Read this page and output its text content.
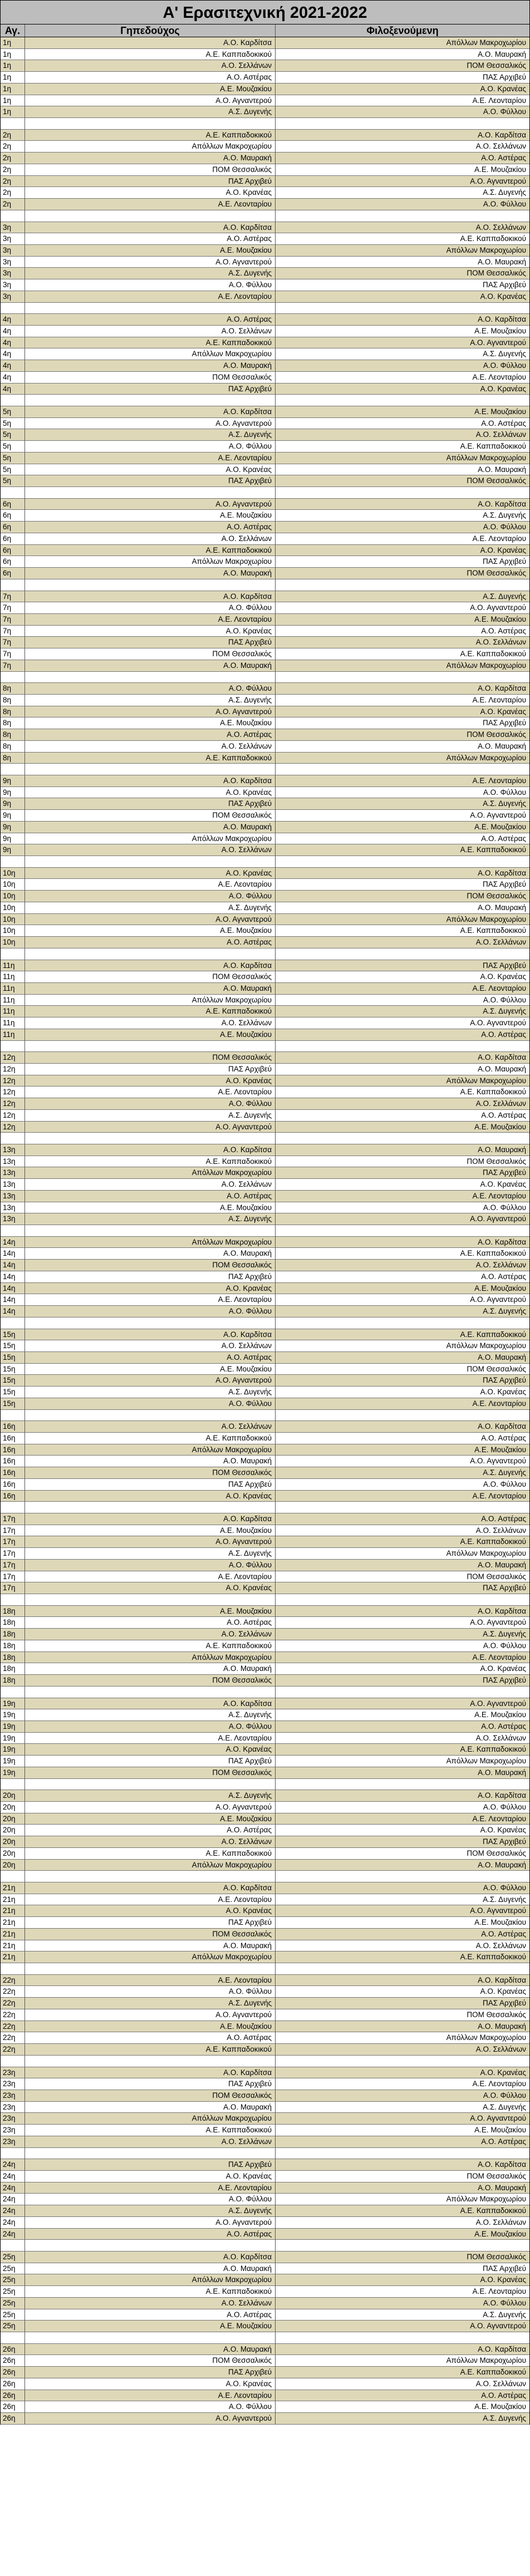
Α' Ερασιτεχνική 2021-2022
Αγ.	Γηπεδούχος	Φιλοξενούμενη
1η	Α.Ο. Καρδίτσα	Απόλλων Μακροχωρίου
1η	Α.Ε. Καππαδοκικού	Α.Ο. Μαυρακή
1η	Α.Ο. Σελλάνων	ΠΟΜ Θεσσαλικός
1η	Α.Ο. Αστέρας	ΠΑΣ Αρχιβεύ
1η	Α.Ε. Μουζακίου	Α.Ο. Κρανέας
1η	Α.Ο. Αγναντερού	Α.Ε. Λεονταρίου
1η	Α.Σ. Δυγενής	Α.Ο. Φύλλου
2η	Α.Ε. Καππαδοκικού	Α.Ο. Καρδίτσα
2η	Απόλλων Μακροχωρίου	Α.Ο. Σελλάνων
2η	Α.Ο. Μαυρακή	Α.Ο. Αστέρας
2η	ΠΟΜ Θεσσαλικός	Α.Ε. Μουζακίου
2η	ΠΑΣ Αρχιβεύ	Α.Ο. Αγναντερού
2η	Α.Ο. Κρανέας	Α.Σ. Δυγενής
2η	Α.Ε. Λεονταρίου	Α.Ο. Φύλλου
3η	Α.Ο. Καρδίτσα	Α.Ο. Σελλάνων
3η	Α.Ο. Αστέρας	Α.Ε. Καππαδοκικού
3η	Α.Ε. Μουζακίου	Απόλλων Μακροχωρίου
3η	Α.Ο. Αγναντερού	Α.Ο. Μαυρακή
3η	Α.Σ. Δυγενής	ΠΟΜ Θεσσαλικός
3η	Α.Ο. Φύλλου	ΠΑΣ Αρχιβεύ
3η	Α.Ε. Λεονταρίου	Α.Ο. Κρανέας
4η	Α.Ο. Αστέρας	Α.Ο. Καρδίτσα
4η	Α.Ο. Σελλάνων	Α.Ε. Μουζακίου
4η	Α.Ε. Καππαδοκικού	Α.Ο. Αγναντερού
4η	Απόλλων Μακροχωρίου	Α.Σ. Δυγενής
4η	Α.Ο. Μαυρακή	Α.Ο. Φύλλου
4η	ΠΟΜ Θεσσαλικός	Α.Ε. Λεονταρίου
4η	ΠΑΣ Αρχιβεύ	Α.Ο. Κρανέας
5η	Α.Ο. Καρδίτσα	Α.Ε. Μουζακίου
5η	Α.Ο. Αγναντερού	Α.Ο. Αστέρας
5η	Α.Σ. Δυγενής	Α.Ο. Σελλάνων
5η	Α.Ο. Φύλλου	Α.Ε. Καππαδοκικού
5η	Α.Ε. Λεονταρίου	Απόλλων Μακροχωρίου
5η	Α.Ο. Κρανέας	Α.Ο. Μαυρακή
5η	ΠΑΣ Αρχιβεύ	ΠΟΜ Θεσσαλικός
6η	Α.Ο. Αγναντερού	Α.Ο. Καρδίτσα
6η	Α.Ε. Μουζακίου	Α.Σ. Δυγενής
6η	Α.Ο. Αστέρας	Α.Ο. Φύλλου
6η	Α.Ο. Σελλάνων	Α.Ε. Λεονταρίου
6η	Α.Ε. Καππαδοκικού	Α.Ο. Κρανέας
6η	Απόλλων Μακροχωρίου	ΠΑΣ Αρχιβεύ
6η	Α.Ο. Μαυρακή	ΠΟΜ Θεσσαλικός
7η	Α.Ο. Καρδίτσα	Α.Σ. Δυγενής
7η	Α.Ο. Φύλλου	Α.Ο. Αγναντερού
7η	Α.Ε. Λεονταρίου	Α.Ε. Μουζακίου
7η	Α.Ο. Κρανέας	Α.Ο. Αστέρας
7η	ΠΑΣ Αρχιβεύ	Α.Ο. Σελλάνων
7η	ΠΟΜ Θεσσαλικός	Α.Ε. Καππαδοκικού
7η	Α.Ο. Μαυρακή	Απόλλων Μακροχωρίου
8η	Α.Ο. Φύλλου	Α.Ο. Καρδίτσα
8η	Α.Σ. Δυγενής	Α.Ε. Λεονταρίου
8η	Α.Ο. Αγναντερού	Α.Ο. Κρανέας
8η	Α.Ε. Μουζακίου	ΠΑΣ Αρχιβεύ
8η	Α.Ο. Αστέρας	ΠΟΜ Θεσσαλικός
8η	Α.Ο. Σελλάνων	Α.Ο. Μαυρακή
8η	Α.Ε. Καππαδοκικού	Απόλλων Μακροχωρίου
9η	Α.Ο. Καρδίτσα	Α.Ε. Λεονταρίου
9η	Α.Ο. Κρανέας	Α.Ο. Φύλλου
9η	ΠΑΣ Αρχιβεύ	Α.Σ. Δυγενής
9η	ΠΟΜ Θεσσαλικός	Α.Ο. Αγναντερού
9η	Α.Ο. Μαυρακή	Α.Ε. Μουζακίου
9η	Απόλλων Μακροχωρίου	Α.Ο. Αστέρας
9η	Α.Ο. Σελλάνων	Α.Ε. Καππαδοκικού
10η	Α.Ο. Κρανέας	Α.Ο. Καρδίτσα
10η	Α.Ε. Λεονταρίου	ΠΑΣ Αρχιβεύ
10η	Α.Ο. Φύλλου	ΠΟΜ Θεσσαλικός
10η	Α.Σ. Δυγενής	Α.Ο. Μαυρακή
10η	Α.Ο. Αγναντερού	Απόλλων Μακροχωρίου
10η	Α.Ε. Μουζακίου	Α.Ε. Καππαδοκικού
10η	Α.Ο. Αστέρας	Α.Ο. Σελλάνων
11η	Α.Ο. Καρδίτσα	ΠΑΣ Αρχιβεύ
11η	ΠΟΜ Θεσσαλικός	Α.Ο. Κρανέας
11η	Α.Ο. Μαυρακή	Α.Ε. Λεονταρίου
11η	Απόλλων Μακροχωρίου	Α.Ο. Φύλλου
11η	Α.Ε. Καππαδοκικού	Α.Σ. Δυγενής
11η	Α.Ο. Σελλάνων	Α.Ο. Αγναντερού
11η	Α.Ε. Μουζακίου	Α.Ο. Αστέρας
12η	ΠΟΜ Θεσσαλικός	Α.Ο. Καρδίτσα
12η	ΠΑΣ Αρχιβεύ	Α.Ο. Μαυρακή
12η	Α.Ο. Κρανέας	Απόλλων Μακροχωρίου
12η	Α.Ε. Λεονταρίου	Α.Ε. Καππαδοκικού
12η	Α.Ο. Φύλλου	Α.Ο. Σελλάνων
12η	Α.Σ. Δυγενής	Α.Ο. Αστέρας
12η	Α.Ο. Αγναντερού	Α.Ε. Μουζακίου
13η	Α.Ο. Καρδίτσα	Α.Ο. Μαυρακή
13η	Α.Ε. Καππαδοκικού	ΠΟΜ Θεσσαλικός
13η	Απόλλων Μακροχωρίου	ΠΑΣ Αρχιβεύ
13η	Α.Ο. Σελλάνων	Α.Ο. Κρανέας
13η	Α.Ο. Αστέρας	Α.Ε. Λεονταρίου
13η	Α.Ε. Μουζακίου	Α.Ο. Φύλλου
13η	Α.Σ. Δυγενής	Α.Ο. Αγναντερού
14η	Απόλλων Μακροχωρίου	Α.Ο. Καρδίτσα
14η	Α.Ο. Μαυρακή	Α.Ε. Καππαδοκικού
14η	ΠΟΜ Θεσσαλικός	Α.Ο. Σελλάνων
14η	ΠΑΣ Αρχιβεύ	Α.Ο. Αστέρας
14η	Α.Ο. Κρανέας	Α.Ε. Μουζακίου
14η	Α.Ε. Λεονταρίου	Α.Ο. Αγναντερού
14η	Α.Ο. Φύλλου	Α.Σ. Δυγενής
15η	Α.Ο. Καρδίτσα	Α.Ε. Καππαδοκικού
15η	Α.Ο. Σελλάνων	Απόλλων Μακροχωρίου
15η	Α.Ο. Αστέρας	Α.Ο. Μαυρακή
15η	Α.Ε. Μουζακίου	ΠΟΜ Θεσσαλικός
15η	Α.Ο. Αγναντερού	ΠΑΣ Αρχιβεύ
15η	Α.Σ. Δυγενής	Α.Ο. Κρανέας
15η	Α.Ο. Φύλλου	Α.Ε. Λεονταρίου
16η	Α.Ο. Σελλάνων	Α.Ο. Καρδίτσα
16η	Α.Ε. Καππαδοκικού	Α.Ο. Αστέρας
16η	Απόλλων Μακροχωρίου	Α.Ε. Μουζακίου
16η	Α.Ο. Μαυρακή	Α.Ο. Αγναντερού
16η	ΠΟΜ Θεσσαλικός	Α.Σ. Δυγενής
16η	ΠΑΣ Αρχιβεύ	Α.Ο. Φύλλου
16η	Α.Ο. Κρανέας	Α.Ε. Λεονταρίου
17η	Α.Ο. Καρδίτσα	Α.Ο. Αστέρας
17η	Α.Ε. Μουζακίου	Α.Ο. Σελλάνων
17η	Α.Ο. Αγναντερού	Α.Ε. Καππαδοκικού
17η	Α.Σ. Δυγενής	Απόλλων Μακροχωρίου
17η	Α.Ο. Φύλλου	Α.Ο. Μαυρακή
17η	Α.Ε. Λεονταρίου	ΠΟΜ Θεσσαλικός
17η	Α.Ο. Κρανέας	ΠΑΣ Αρχιβεύ
18η	Α.Ε. Μουζακίου	Α.Ο. Καρδίτσα
18η	Α.Ο. Αστέρας	Α.Ο. Αγναντερού
18η	Α.Ο. Σελλάνων	Α.Σ. Δυγενής
18η	Α.Ε. Καππαδοκικού	Α.Ο. Φύλλου
18η	Απόλλων Μακροχωρίου	Α.Ε. Λεονταρίου
18η	Α.Ο. Μαυρακή	Α.Ο. Κρανέας
18η	ΠΟΜ Θεσσαλικός	ΠΑΣ Αρχιβεύ
19η	Α.Ο. Καρδίτσα	Α.Ο. Αγναντερού
19η	Α.Σ. Δυγενής	Α.Ε. Μουζακίου
19η	Α.Ο. Φύλλου	Α.Ο. Αστέρας
19η	Α.Ε. Λεονταρίου	Α.Ο. Σελλάνων
19η	Α.Ο. Κρανέας	Α.Ε. Καππαδοκικού
19η	ΠΑΣ Αρχιβεύ	Απόλλων Μακροχωρίου
19η	ΠΟΜ Θεσσαλικός	Α.Ο. Μαυρακή
20η	Α.Σ. Δυγενής	Α.Ο. Καρδίτσα
20η	Α.Ο. Αγναντερού	Α.Ο. Φύλλου
20η	Α.Ε. Μουζακίου	Α.Ε. Λεονταρίου
20η	Α.Ο. Αστέρας	Α.Ο. Κρανέας
20η	Α.Ο. Σελλάνων	ΠΑΣ Αρχιβεύ
20η	Α.Ε. Καππαδοκικού	ΠΟΜ Θεσσαλικός
20η	Απόλλων Μακροχωρίου	Α.Ο. Μαυρακή
21η	Α.Ο. Καρδίτσα	Α.Ο. Φύλλου
21η	Α.Ε. Λεονταρίου	Α.Σ. Δυγενής
21η	Α.Ο. Κρανέας	Α.Ο. Αγναντερού
21η	ΠΑΣ Αρχιβεύ	Α.Ε. Μουζακίου
21η	ΠΟΜ Θεσσαλικός	Α.Ο. Αστέρας
21η	Α.Ο. Μαυρακή	Α.Ο. Σελλάνων
21η	Απόλλων Μακροχωρίου	Α.Ε. Καππαδοκικού
22η	Α.Ε. Λεονταρίου	Α.Ο. Καρδίτσα
22η	Α.Ο. Φύλλου	Α.Ο. Κρανέας
22η	Α.Σ. Δυγενής	ΠΑΣ Αρχιβεύ
22η	Α.Ο. Αγναντερού	ΠΟΜ Θεσσαλικός
22η	Α.Ε. Μουζακίου	Α.Ο. Μαυρακή
22η	Α.Ο. Αστέρας	Απόλλων Μακροχωρίου
22η	Α.Ε. Καππαδοκικού	Α.Ο. Σελλάνων
23η	Α.Ο. Καρδίτσα	Α.Ο. Κρανέας
23η	ΠΑΣ Αρχιβεύ	Α.Ε. Λεονταρίου
23η	ΠΟΜ Θεσσαλικός	Α.Ο. Φύλλου
23η	Α.Ο. Μαυρακή	Α.Σ. Δυγενής
23η	Απόλλων Μακροχωρίου	Α.Ο. Αγναντερού
23η	Α.Ε. Καππαδοκικού	Α.Ε. Μουζακίου
23η	Α.Ο. Σελλάνων	Α.Ο. Αστέρας
24η	ΠΑΣ Αρχιβεύ	Α.Ο. Καρδίτσα
24η	Α.Ο. Κρανέας	ΠΟΜ Θεσσαλικός
24η	Α.Ε. Λεονταρίου	Α.Ο. Μαυρακή
24η	Α.Ο. Φύλλου	Απόλλων Μακροχωρίου
24η	Α.Σ. Δυγενής	Α.Ε. Καππαδοκικού
24η	Α.Ο. Αγναντερού	Α.Ο. Σελλάνων
24η	Α.Ο. Αστέρας	Α.Ε. Μουζακίου
25η	Α.Ο. Καρδίτσα	ΠΟΜ Θεσσαλικός
25η	Α.Ο. Μαυρακή	ΠΑΣ Αρχιβεύ
25η	Απόλλων Μακροχωρίου	Α.Ο. Κρανέας
25η	Α.Ε. Καππαδοκικού	Α.Ε. Λεονταρίου
25η	Α.Ο. Σελλάνων	Α.Ο. Φύλλου
25η	Α.Ο. Αστέρας	Α.Σ. Δυγενής
25η	Α.Ε. Μουζακίου	Α.Ο. Αγναντερού
26η	Α.Ο. Μαυρακή	Α.Ο. Καρδίτσα
26η	ΠΟΜ Θεσσαλικός	Απόλλων Μακροχωρίου
26η	ΠΑΣ Αρχιβεύ	Α.Ε. Καππαδοκικού
26η	Α.Ο. Κρανέας	Α.Ο. Σελλάνων
26η	Α.Ε. Λεονταρίου	Α.Ο. Αστέρας
26η	Α.Ο. Φύλλου	Α.Ε. Μουζακίου
26η	Α.Ο. Αγναντερού	Α.Σ. Δυγενής
